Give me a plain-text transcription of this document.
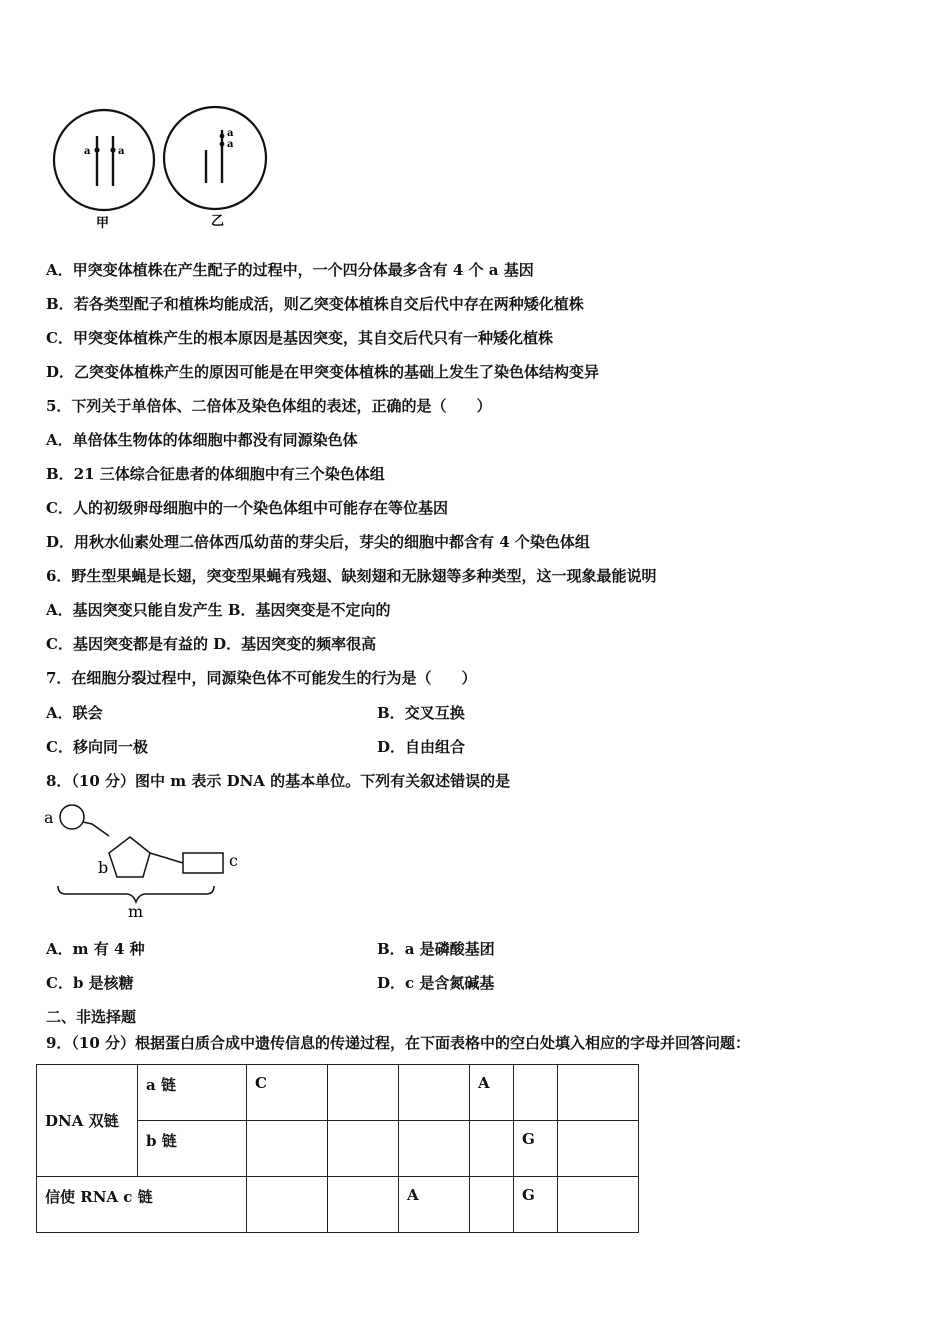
a	a
甲
a
a
乙
A．甲突变体植株在产生配子的过程中，一个四分体最多含有 4 个 a 基因
B．若各类型配子和植株均能成活，则乙突变体植株自交后代中存在两种矮化植株
C．甲突变体植株产生的根本原因是基因突变，其自交后代只有一种矮化植株
D．乙突变体植株产生的原因可能是在甲突变体植株的基础上发生了染色体结构变异
5．下列关于单倍体、二倍体及染色体组的表述，正确的是（　　）
A．单倍体生物体的体细胞中都没有同源染色体
B．21 三体综合征患者的体细胞中有三个染色体组
C．人的初级卵母细胞中的一个染色体组中可能存在等位基因
D．用秋水仙素处理二倍体西瓜幼苗的芽尖后，芽尖的细胞中都含有 4 个染色体组
6．野生型果蝇是长翅，突变型果蝇有残翅、缺刻翅和无脉翅等多种类型，这一现象最能说明
A．基因突变只能自发产生 B．基因突变是不定向的
C．基因突变都是有益的 D．基因突变的频率很高
7．在细胞分裂过程中，同源染色体不可能发生的行为是（　　）
A．联会	B．交叉互换
C．移向同一极	D．自由组合
8．（10 分）图中 m 表示 DNA 的基本单位。下列有关叙述错误的是
a
b	c
m
A．m 有 4 种	B．a 是磷酸基团
C．b 是核糖	D．c 是含氮碱基
二、非选择题
9．（10 分）根据蛋白质合成中遗传信息的传递过程，在下面表格中的空白处填入相应的字母并回答问题：
DNA 双链	a 链	C			A		
	b 链					G	
信使 RNA c 链				A		G	
